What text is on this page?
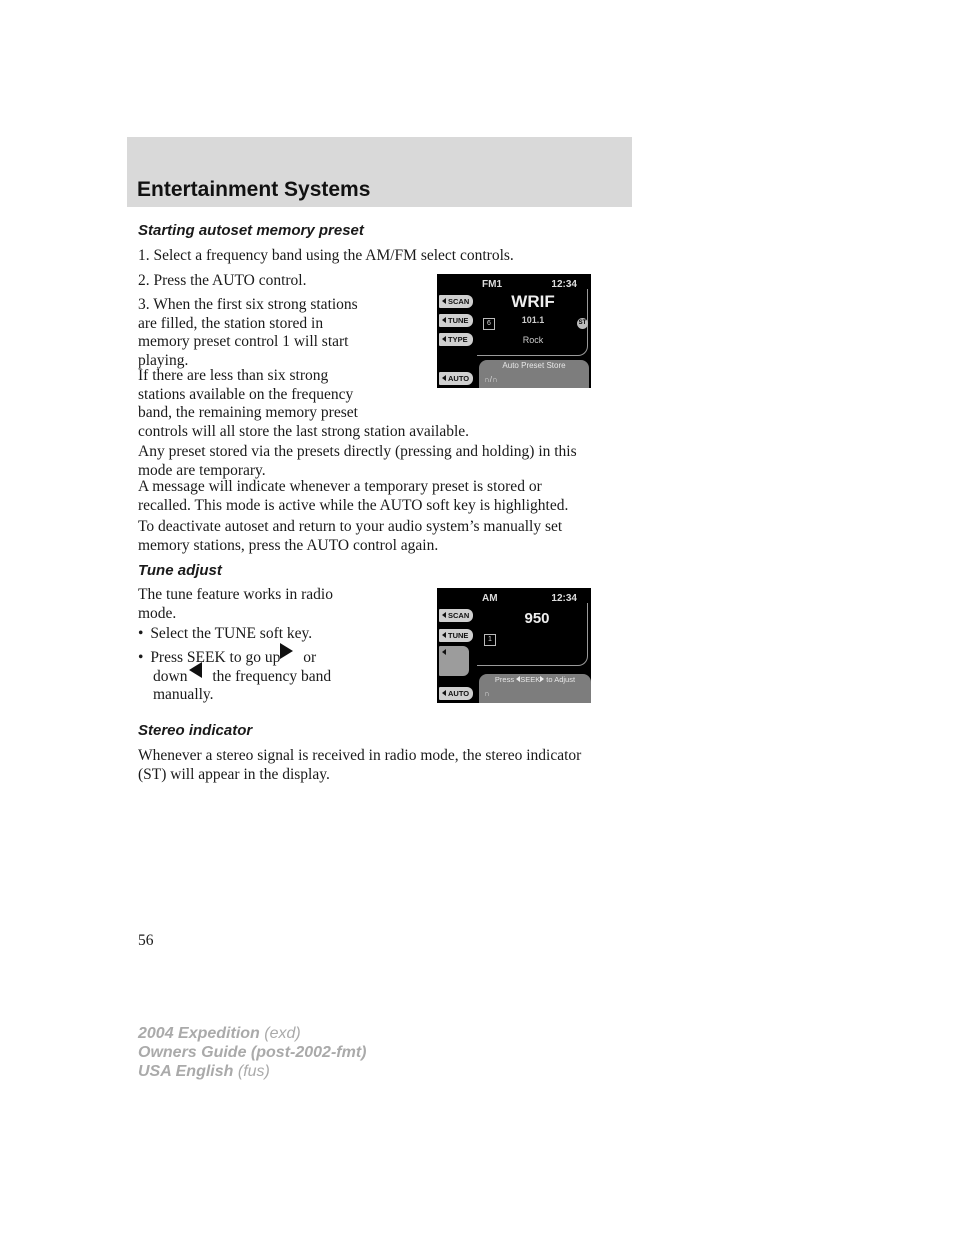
Entertainment Systems

Starting autoset memory preset

1. Select a frequency band using the AM/FM select controls.

2. Press the AUTO control.

3. When the first six strong stations
are filled, the station stored in
memory preset control 1 will start
playing.

If there are less than six strong
stations available on the frequency
band, the remaining memory preset
controls will all store the last strong station available.

Any preset stored via the presets directly (pressing and holding) in this
mode are temporary.

A message will indicate whenever a temporary preset is stored or
recalled. This mode is active while the AUTO soft key is highlighted.

To deactivate autoset and return to your audio system’s manually set
memory stations, press the AUTO control again.

FM1	12:34
SCAN
TUNE
TYPE
AUTO
WRIF
101.1
6	ST
Rock
Auto Preset Store
∩/∩

Tune adjust

The tune feature works in radio
mode.

• Select the TUNE soft key.
• Press SEEK to go up or
down the frequency band
manually.
AM	12:34
SCAN
TUNE
AUTO
950
1
Press SEEK to Adjust
∩

Stereo indicator

Whenever a stereo signal is received in radio mode, the stereo indicator
(ST) will appear in the display.

56
2004 Expedition (exd)
Owners Guide (post-2002-fmt)
USA English (fus)
